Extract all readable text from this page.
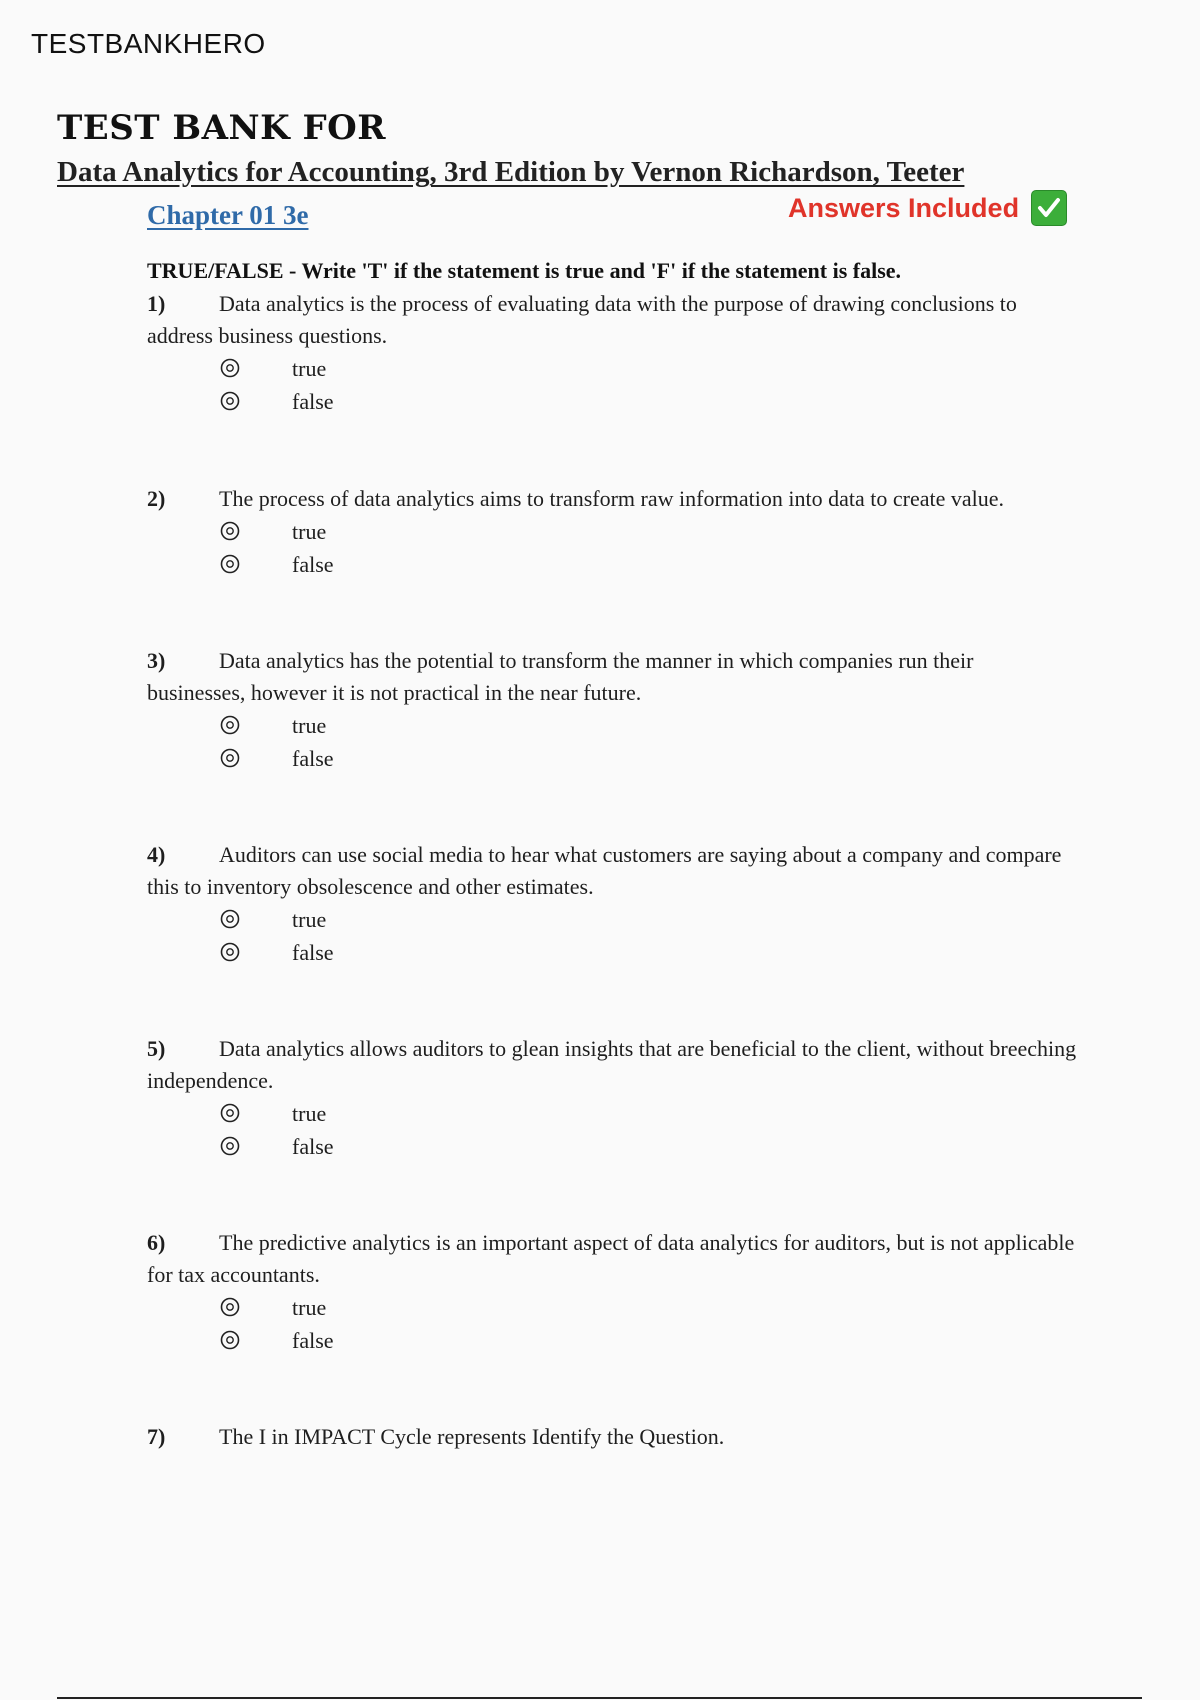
TESTBANKHERO
TEST BANK FOR
Data Analytics for Accounting, 3rd Edition by Vernon Richardson, Teeter
Chapter 01 3e	Answers Included
TRUE/FALSE - Write 'T' if the statement is true and 'F' if the statement is false.

1) Data analytics is the process of evaluating data with the purpose of drawing conclusions to address business questions.

true
false

2) The process of data analytics aims to transform raw information into data to create value.

true
false

3) Data analytics has the potential to transform the manner in which companies run their businesses, however it is not practical in the near future.

true
false

4) Auditors can use social media to hear what customers are saying about a company and compare this to inventory obsolescence and other estimates.

true
false

5) Data analytics allows auditors to glean insights that are beneficial to the client, without breeching independence.

true
false

6) The predictive analytics is an important aspect of data analytics for auditors, but is not applicable for tax accountants.

true
false

7) The I in IMPACT Cycle represents Identify the Question.
